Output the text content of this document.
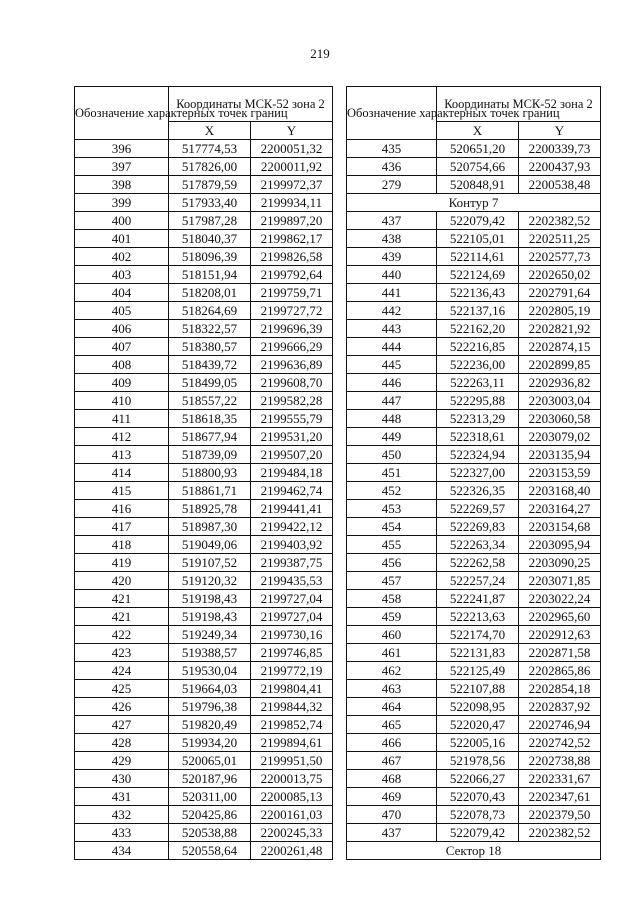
219
Обозначение характерных точек границ	Координаты МСК-52 зона 2	
	X	Y
396	517774,53	2200051,32
397	517826,00	2200011,92
398	517879,59	2199972,37
399	517933,40	2199934,11
400	517987,28	2199897,20
401	518040,37	2199862,17
402	518096,39	2199826,58
403	518151,94	2199792,64
404	518208,01	2199759,71
405	518264,69	2199727,72
406	518322,57	2199696,39
407	518380,57	2199666,29
408	518439,72	2199636,89
409	518499,05	2199608,70
410	518557,22	2199582,28
411	518618,35	2199555,79
412	518677,94	2199531,20
413	518739,09	2199507,20
414	518800,93	2199484,18
415	518861,71	2199462,74
416	518925,78	2199441,41
417	518987,30	2199422,12
418	519049,06	2199403,92
419	519107,52	2199387,75
420	519120,32	2199435,53
421	519198,43	2199727,04
421	519198,43	2199727,04
422	519249,34	2199730,16
423	519388,57	2199746,85
424	519530,04	2199772,19
425	519664,03	2199804,41
426	519796,38	2199844,32
427	519820,49	2199852,74
428	519934,20	2199894,61
429	520065,01	2199951,50
430	520187,96	2200013,75
431	520311,00	2200085,13
432	520425,86	2200161,03
433	520538,88	2200245,33
434	520558,64	2200261,48
Обозначение характерных точек границ	Координаты МСК-52 зона 2	
	X	Y
435	520651,20	2200339,73
436	520754,66	2200437,93
279	520848,91	2200538,48
Контур 7		
437	522079,42	2202382,52
438	522105,01	2202511,25
439	522114,61	2202577,73
440	522124,69	2202650,02
441	522136,43	2202791,64
442	522137,16	2202805,19
443	522162,20	2202821,92
444	522216,85	2202874,15
445	522236,00	2202899,85
446	522263,11	2202936,82
447	522295,88	2203003,04
448	522313,29	2203060,58
449	522318,61	2203079,02
450	522324,94	2203135,94
451	522327,00	2203153,59
452	522326,35	2203168,40
453	522269,57	2203164,27
454	522269,83	2203154,68
455	522263,34	2203095,94
456	522262,58	2203090,25
457	522257,24	2203071,85
458	522241,87	2203022,24
459	522213,63	2202965,60
460	522174,70	2202912,63
461	522131,83	2202871,58
462	522125,49	2202865,86
463	522107,88	2202854,18
464	522098,95	2202837,92
465	522020,47	2202746,94
466	522005,16	2202742,52
467	521978,56	2202738,88
468	522066,27	2202331,67
469	522070,43	2202347,61
470	522078,73	2202379,50
437	522079,42	2202382,52
Сектор 18		
